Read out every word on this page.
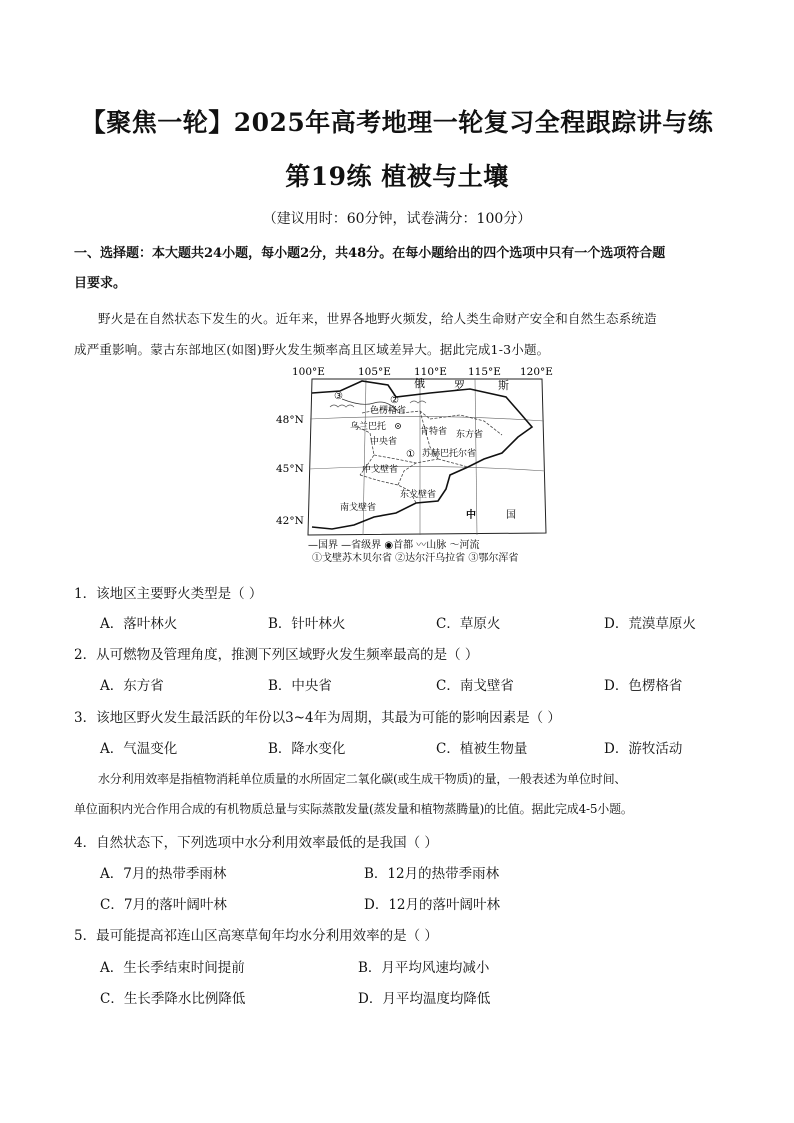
【聚焦一轮】2025年高考地理一轮复习全程跟踪讲与练
第19练 植被与土壤
（建议用时：60分钟，试卷满分：100分）
一、选择题：本大题共24小题，每小题2分，共48分。在每小题给出的四个选项中只有一个选项符合题
目要求。
野火是在自然状态下发生的火。近年来，世界各地野火频发，给人类生命财产安全和自然生态系统造
成严重影响。蒙古东部地区(如图)野火发生频率高且区域差异大。据此完成1-3小题。
100°E	105°E 110°E 115°E 120°E
48°N
45°N
42°N
俄	罗	斯
中	国
③	②
①
色楞格省
东方省
乌兰巴托	肯特省
中央省
苏赫巴托尔省
中戈壁省
东戈壁省
南戈壁省
—国界 —省级界 ◉首都 〰山脉 〜河流
①戈壁苏木贝尔省 ②达尔汗乌拉省 ③鄂尔浑省
1．该地区主要野火类型是（ ）
A．落叶林火	B．针叶林火	C．草原火	D．荒漠草原火
2．从可燃物及管理角度，推测下列区域野火发生频率最高的是（ ）
A．东方省	B．中央省	C．南戈壁省	D．色楞格省
3．该地区野火发生最活跃的年份以3~4年为周期，其最为可能的影响因素是（ ）
A．气温变化	B．降水变化	C．植被生物量	D．游牧活动
水分利用效率是指植物消耗单位质量的水所固定二氧化碳(或生成干物质)的量，一般表述为单位时间、
单位面积内光合作用合成的有机物质总量与实际蒸散发量(蒸发量和植物蒸腾量)的比值。据此完成4-5小题。
4．自然状态下，下列选项中水分利用效率最低的是我国（ ）
A．7月的热带季雨林	B．12月的热带季雨林
C．7月的落叶阔叶林	D．12月的落叶阔叶林
5．最可能提高祁连山区高寒草甸年均水分利用效率的是（ ）
A．生长季结束时间提前	B．月平均风速均减小
C．生长季降水比例降低	D．月平均温度均降低
